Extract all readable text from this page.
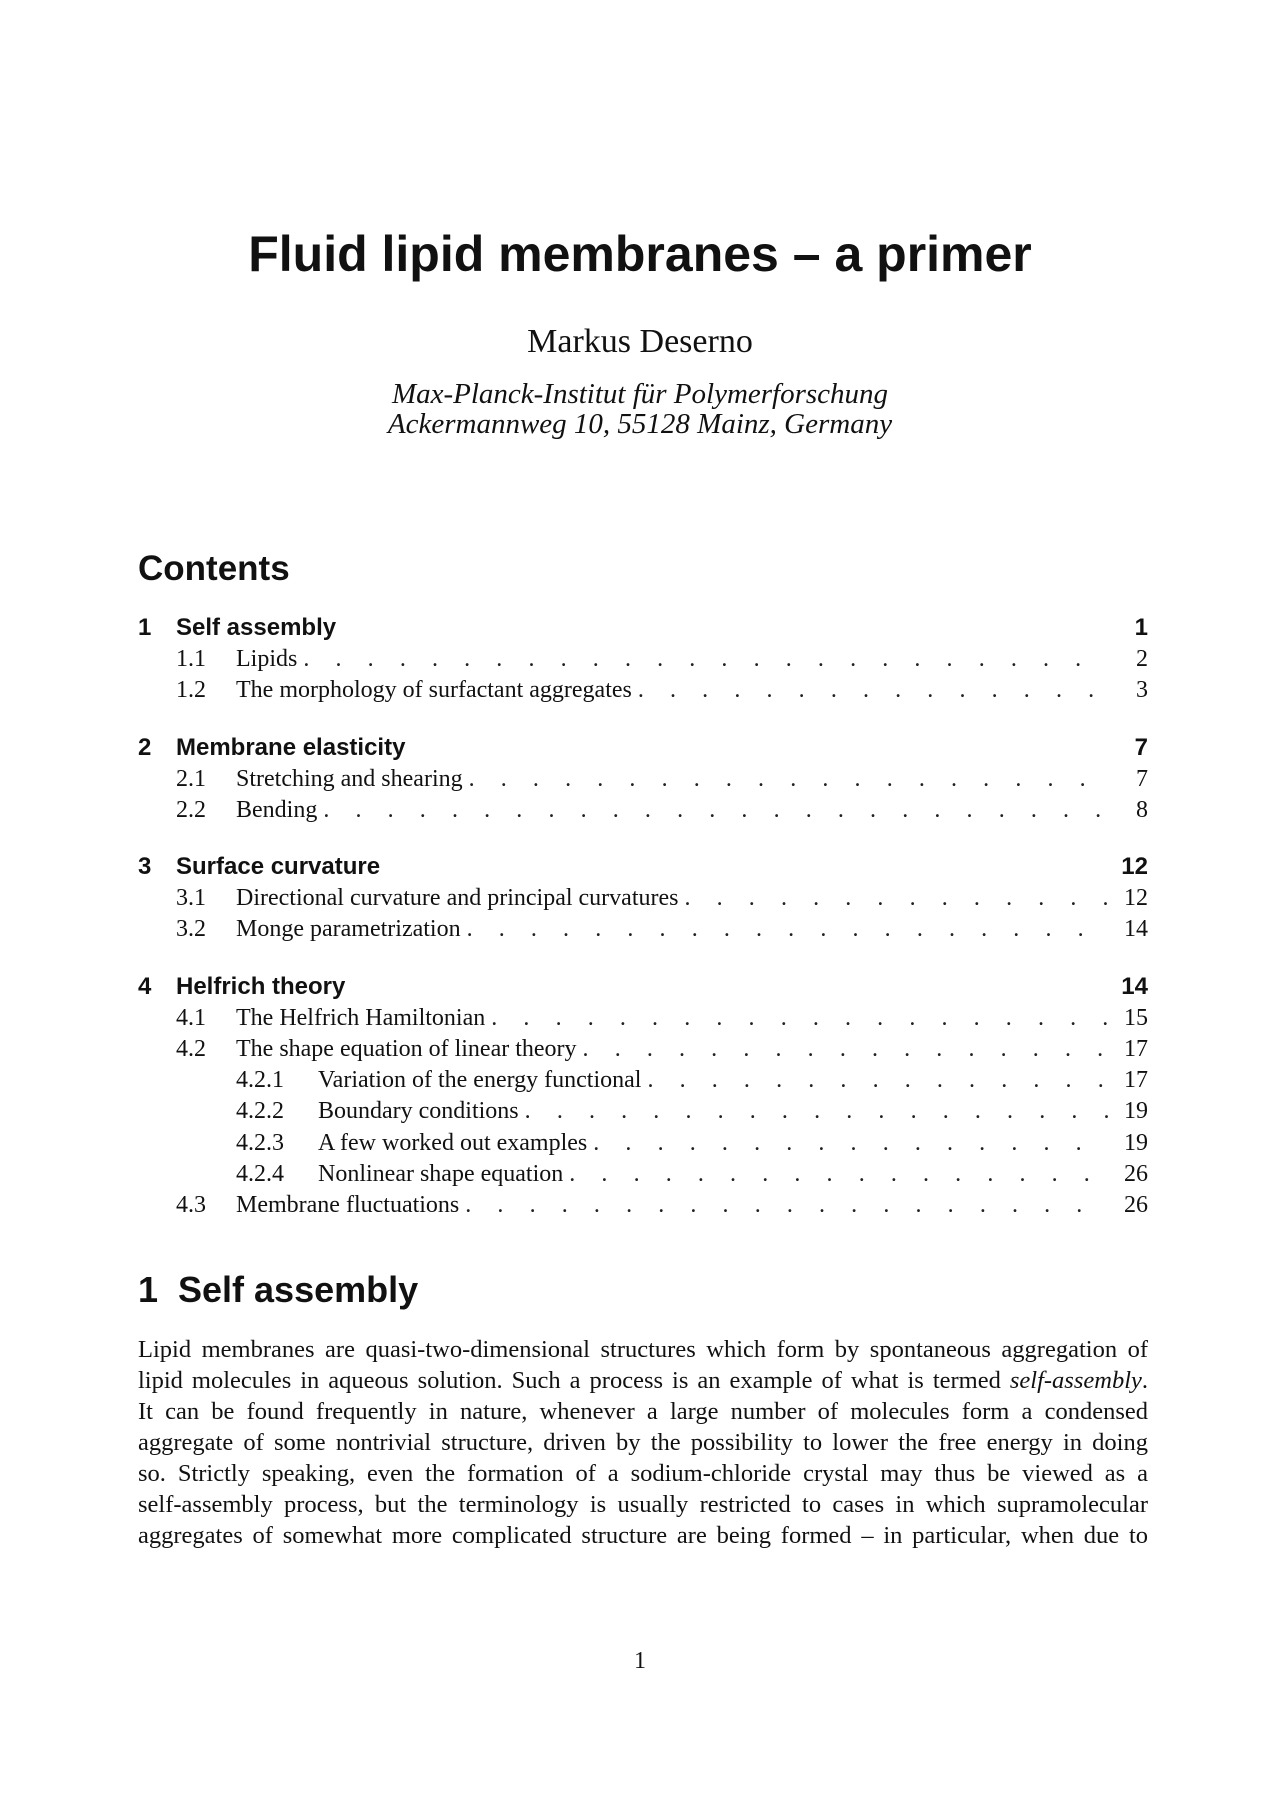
Fluid lipid membranes – a primer
Markus Deserno
Max-Planck-Institut für Polymerforschung
Ackermannweg 10, 55128 Mainz, Germany
Contents
1	Self assembly	1
1.1	Lipids . . .	2
1.2	The morphology of surfactant aggregates . . .	3
2	Membrane elasticity	7
2.1	Stretching and shearing . . .	7
2.2	Bending . . .	8
3	Surface curvature	12
3.1	Directional curvature and principal curvatures . . .	12
3.2	Monge parametrization . . .	14
4	Helfrich theory	14
4.1	The Helfrich Hamiltonian . . .	15
4.2	The shape equation of linear theory . . .	17
4.2.1	Variation of the energy functional . . .	17
4.2.2	Boundary conditions . . .	19
4.2.3	A few worked out examples . . .	19
4.2.4	Nonlinear shape equation . . .	26
4.3	Membrane fluctuations . . .	26
1 Self assembly
Lipid membranes are quasi-two-dimensional structures which form by spontaneous aggregation of
lipid molecules in aqueous solution. Such a process is an example of what is termed self-assembly.
It can be found frequently in nature, whenever a large number of molecules form a condensed
aggregate of some nontrivial structure, driven by the possibility to lower the free energy in doing
so. Strictly speaking, even the formation of a sodium-chloride crystal may thus be viewed as a
self-assembly process, but the terminology is usually restricted to cases in which supramolecular
aggregates of somewhat more complicated structure are being formed – in particular, when due to
1
